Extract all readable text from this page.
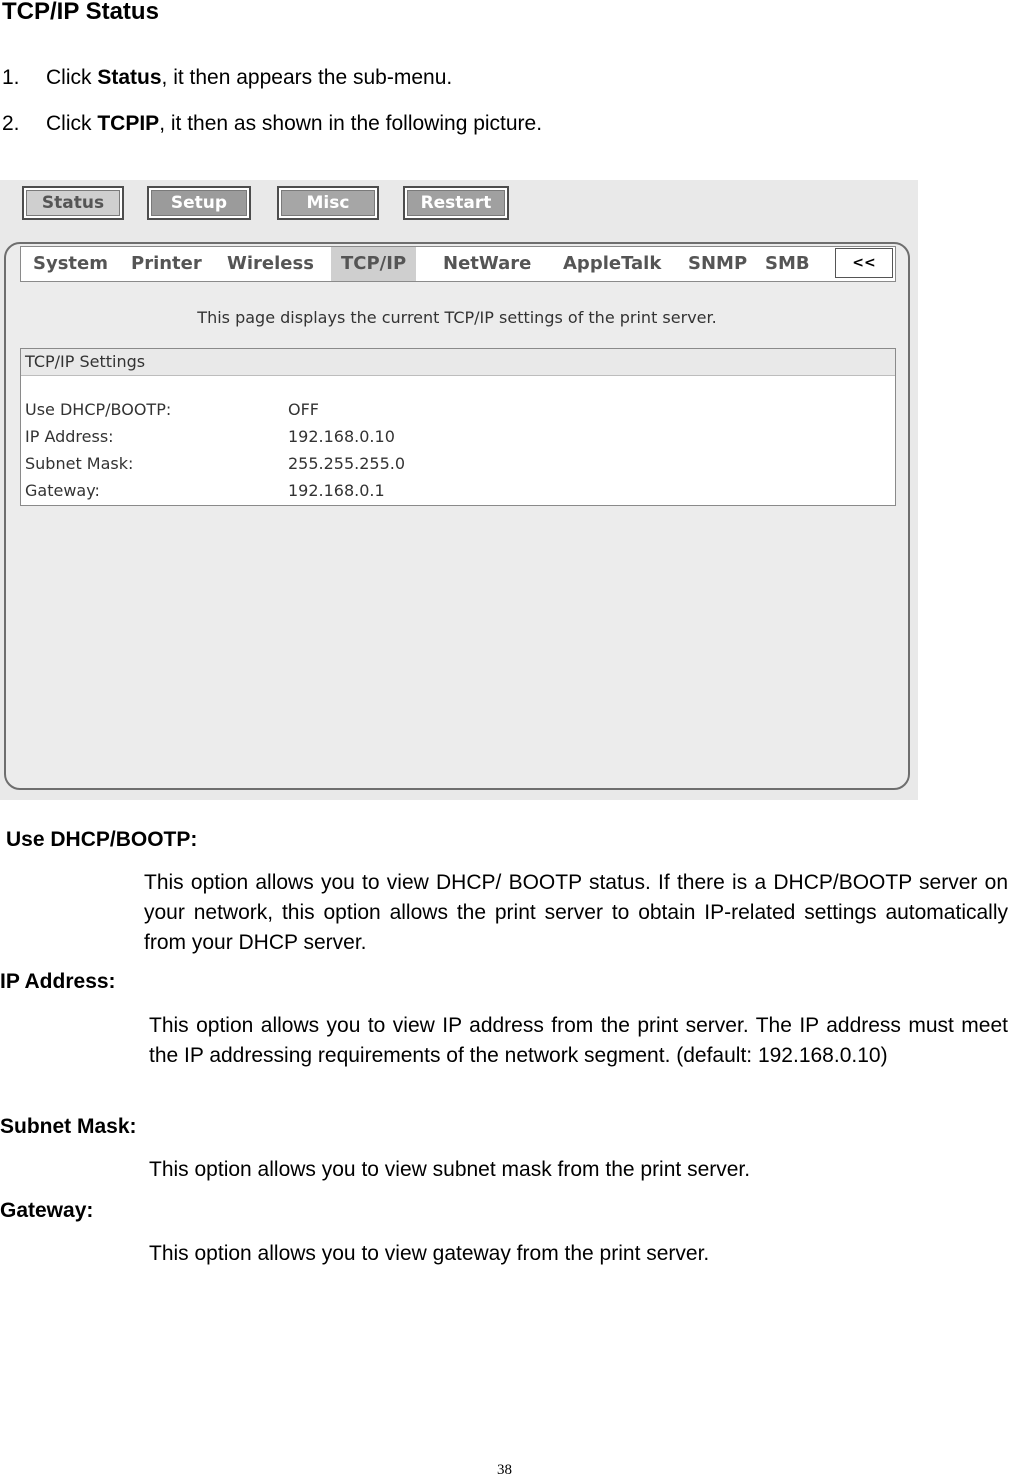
TCP/IP Status
1. Click Status, it then appears the sub-menu.
2. Click TCPIP, it then as shown in the following picture.
Status	Setup	Misc	Restart
System Printer Wireless	TCP/IP	NetWare AppleTalk SNMP SMB	<<
This page displays the current TCP/IP settings of the print server.
TCP/IP Settings
Use DHCP/BOOTP:	OFF
IP Address:	192.168.0.10
Subnet Mask:	255.255.255.0
Gateway:	192.168.0.1
Use DHCP/BOOTP:
This option allows you to view DHCP/ BOOTP status. If there is a DHCP/BOOTP server on your network, this option allows the print server to obtain IP-related settings automatically from your DHCP server.
IP Address:
This option allows you to view IP address from the print server. The IP address must meet the IP addressing requirements of the network segment. (default: 192.168.0.10)
Subnet Mask:
This option allows you to view subnet mask from the print server.
Gateway:
This option allows you to view gateway from the print server.
38
